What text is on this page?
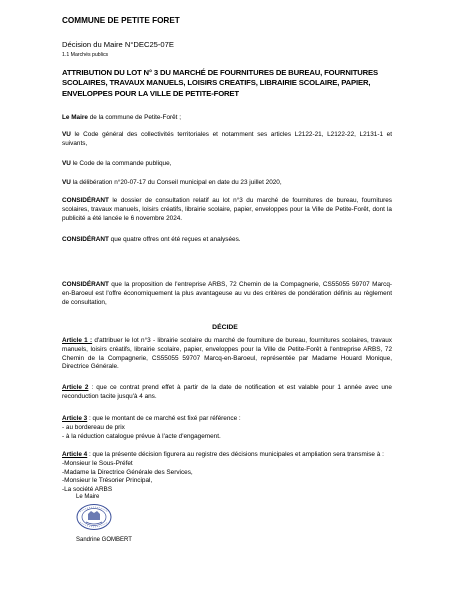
COMMUNE DE PETITE FORET
Décision du Maire N°DEC25-07E
1.1 Marchés publics
ATTRIBUTION DU LOT N° 3 DU MARCHÉ DE FOURNITURES DE BUREAU, FOURNITURES SCOLAIRES, TRAVAUX MANUELS, LOISIRS CREATIFS, LIBRAIRIE SCOLAIRE, PAPIER, ENVELOPPES POUR LA VILLE DE PETITE-FORET
Le Maire de la commune de Petite-Forêt ;
VU le Code général des collectivités territoriales et notamment ses articles L2122-21, L2122-22, L2131-1 et suivants,
VU le Code de la commande publique,
VU la délibération n°20-07-17 du Conseil municipal en date du 23 juillet 2020,
CONSIDÉRANT le dossier de consultation relatif au lot n°3 du marché de fournitures de bureau, fournitures scolaires, travaux manuels, loisirs créatifs, librairie scolaire, papier, enveloppes pour la Ville de Petite-Forêt, dont la publicité a été lancée le 6 novembre 2024.
CONSIDÉRANT que quatre offres ont été reçues et analysées.
CONSIDÉRANT que la proposition de l'entreprise ARBS, 72 Chemin de la Compagnerie, CS55055 59707 Marcq-en-Baroeul est l'offre économiquement la plus avantageuse au vu des critères de pondération définis au règlement de consultation,
DÉCIDE
Article 1 : d'attribuer le lot n°3 - librairie scolaire du marché de fourniture de bureau, fournitures scolaires, travaux manuels, loisirs créatifs, librairie scolaire, papier, enveloppes pour la Ville de Petite-Forêt à l'entreprise ARBS, 72 Chemin de la Compagnerie, CS55055 59707 Marcq-en-Baroeul, représentée par Madame Houard Monique, Directrice Générale.
Article 2 : que ce contrat prend effet à partir de la date de notification et est valable pour 1 année avec une reconduction tacite jusqu'à 4 ans.
Article 3 : que le montant de ce marché est fixé par référence :
- au bordereau de prix
- à la réduction catalogue prévue à l'acte d'engagement.
Article 4 : que la présente décision figurera au registre des décisions municipales et ampliation sera transmise à :
-Monsieur le Sous-Préfet
-Madame la Directrice Générale des Services,
-Monsieur le Trésorier Principal,
-La société ARBS
Le Maire
Sandrine GOMBERT
